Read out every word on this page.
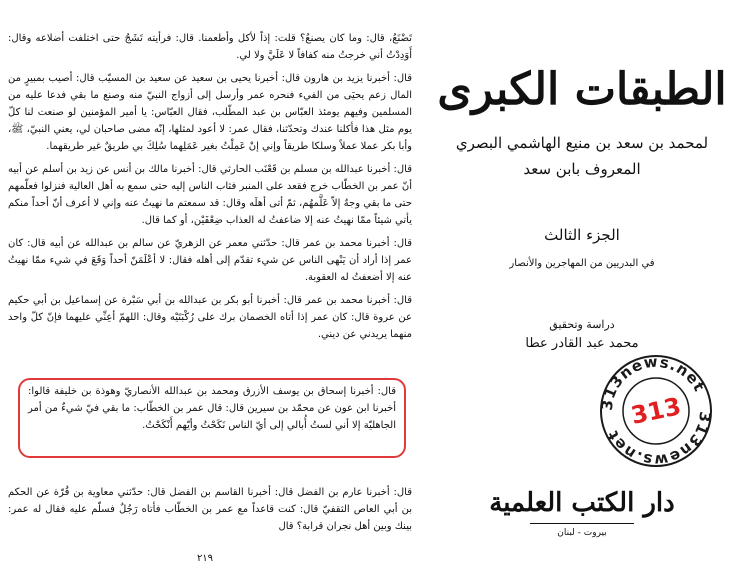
تَضْنَعُ، قال: وما كان يصنعُ؟ قلت: إذاً لأكل وأطعمنا. قال: فرأيته تَشَجُ حتى اختلفت أضلاعه وقال: أَوَدِدْتُ أني خرجتُ منه كفافاً لا عَلَيَّ ولا لي.

قال: أخبرنا يزيد بن هارون قال: أخبرنا يحيى بن سعيد عن سعيد بن المسيّب قال: أصيب بمبيرٍ من المال زعم يحيَى من الفيء فنحره عمر وأرسل إلى أزواج النبيّ منه وصنع ما بقي فدعا عليه من المسلمين وفيهم يومئذ العبّاس بن عبد المطّلب، فقال العبّاس: يا أمير المؤمنين لو صنعت لنا كلّ يوم مثل هذا فأكلنا عندك وتحدّثنا، فقال عمر: لا أعود لمثلها، إنّه مضى صاحبان لي، يعني النبيّ، ﷺ، وأبا بكر عملا عملاً وسلكا طريقاً وإني إنْ عَمِلْتُ بغير عَمَلِهما سُلِكَ بي طريقٌ غير طريقهما.

قال: أخبرنا عبدالله بن مسلم بن قَعْنَب الحارثي قال: أخبرنا مالك بن أنس عن زيد بن أسلم عن أبيه أنّ عمر بن الخطّاب خرج فقعد على المنبر فثاب الناس إليه حتى سمع به أهل العالية فنزلوا فعلّمهم حتى ما بقي وجهٌ إلاّ عَلَّمهُم، ثمّ أتى أهلَه وقال: قد سمعتم ما نهيتُ عنه وإني لا أعرف أنّ أحداً منكم يأتي شيئاً ممّا نهيتُ عنه إلا ضاعفتُ له العذاب ضِعْفَيْن، أو كما قال.

قال: أخبرنا محمد بن عمر قال: حدّثني معمر عن الزهريّ عن سالم بن عبدالله عن أبيه قال: كان عمر إذا أراد أن يَنْهى الناس عن شيء تقدّم إلى أهله فقال: لا أعْلَمَنّ أحداً وَقَعَ في شيء ممّا نهيتُ عنه إلا أضعفتُ له العقوبة.

قال: أخبرنا محمد بن عمر قال: أخبرنا أبو بكر بن عبدالله بن أبي سَبْرة عن إسماعيل بن أبي حكيم عن عروة قال: كان عمر إذا أتاه الخصمان برك على رُكْبَتَيْه وقال: اللهمّ أعِنِّي عليهما فإنّ كلّ واحد منهما يريدني عن ديني.

قال: أخبرنا إسحاق بن يوسف الأزرق ومحمد بن عبدالله الأنصاريّ وهوذة بن خليفة قالوا: أخبرنا ابن عون عن محمّد بن سيرين قال: قال عمر بن الخطّاب: ما بقي فيّ شيءٌ من أمر الجاهليّة إلا أني لستُ أُبالي إلى أيّ الناس نَكَحْتُ وأيّهم أَنْكَحْتُ.

قال: أخبرنا عارم بن الفضل قال: أخبرنا القاسم بن الفضل قال: حدّثني معاوية بن قُرّة عن الحكم بن أبي العاص الثقفيّ قال: كنت قاعداً مع عمر بن الخطّاب فأتاه رَجُلٌ فسلّم عليه فقال له عمر: بينك وبين أهل نجران قرابة؟ قال

٢١٩
الطبقات الكبرى
لمحمد بن سعد بن منيع الهاشمي البصري
المعروف بابن سعد
الجزء الثالث
في البدريين من المهاجرين والأنصار
دراسة وتحقيق
محمد عبد القادر عطا
دار الكتب العلمية
بيروت - لبنان
313news.net
313news.net
313
